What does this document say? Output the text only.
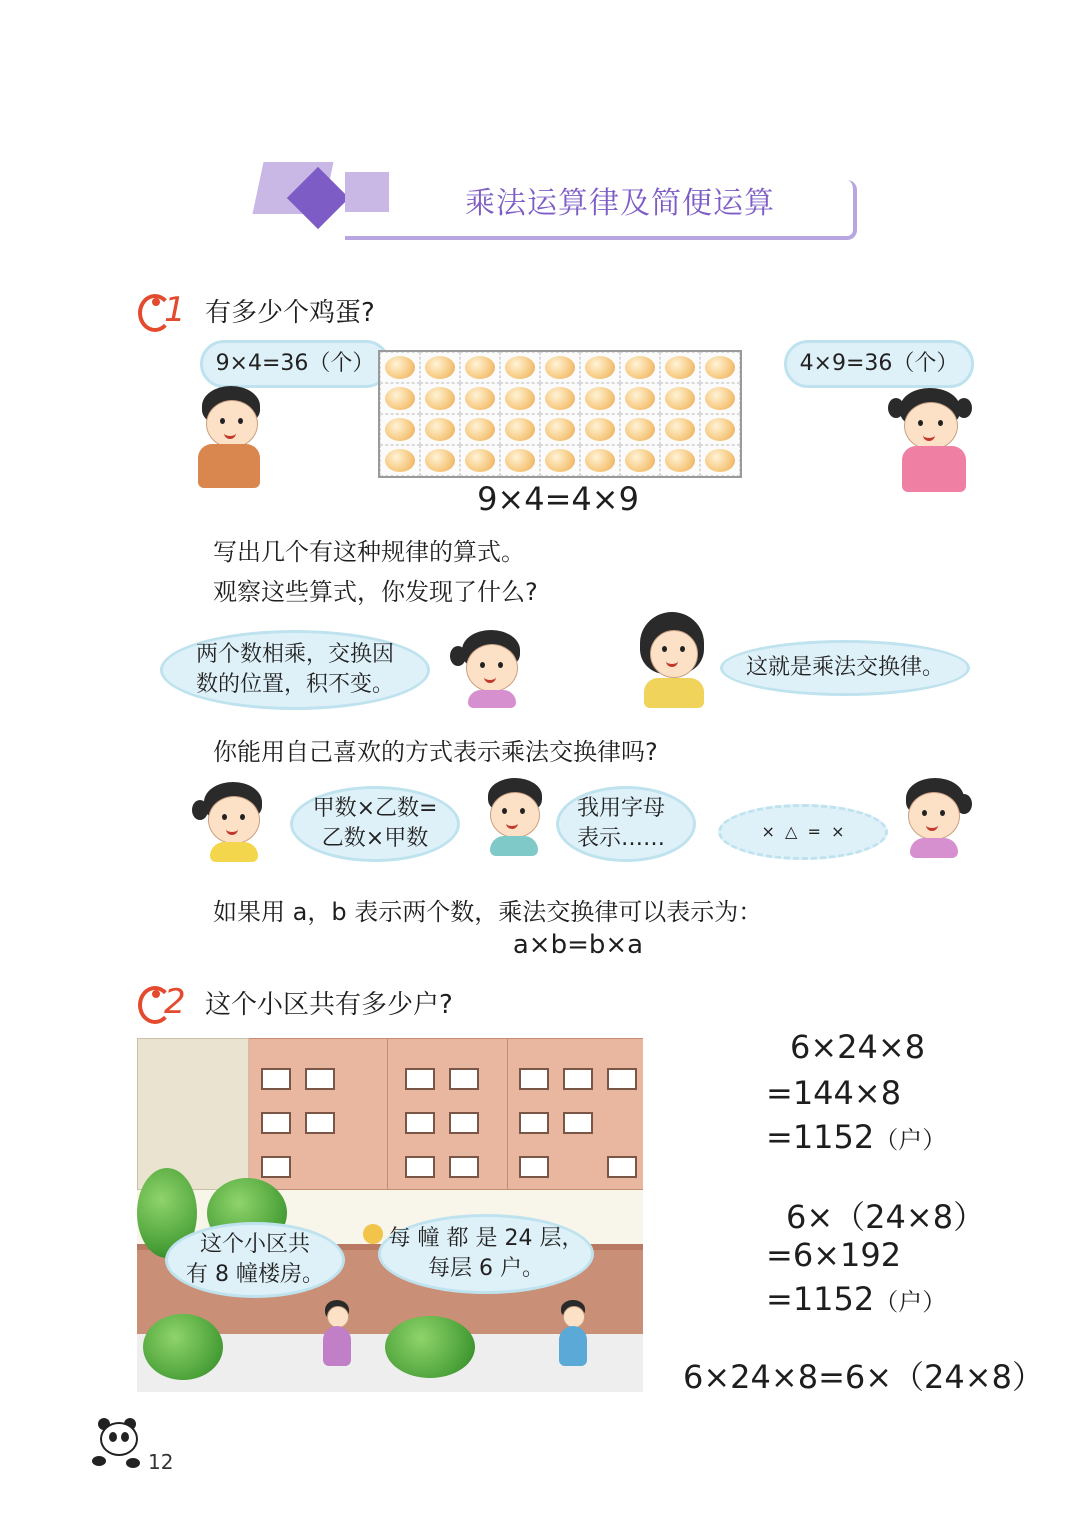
乘法运算律及简便运算
1 有多少个鸡蛋?
9×4=36（个）	4×9=36（个）
9×4=4×9
写出几个有这种规律的算式。
观察这些算式，你发现了什么?
两个数相乘，交换因
数的位置，积不变。
这就是乘法交换律。
你能用自己喜欢的方式表示乘法交换律吗?
甲数×乙数=
乙数×甲数
我用字母
表示……	×  △  =  ×
如果用 a，b 表示两个数，乘法交换律可以表示为：
a×b=b×a
2 这个小区共有多少户?
这个小区共
有 8 幢楼房。
每 幢 都 是 24 层，
每层 6 户。
6×24×8
=144×8
=1152（户）
6×（24×8）
=6×192
=1152（户）
6×24×8=6×（24×8）
12
